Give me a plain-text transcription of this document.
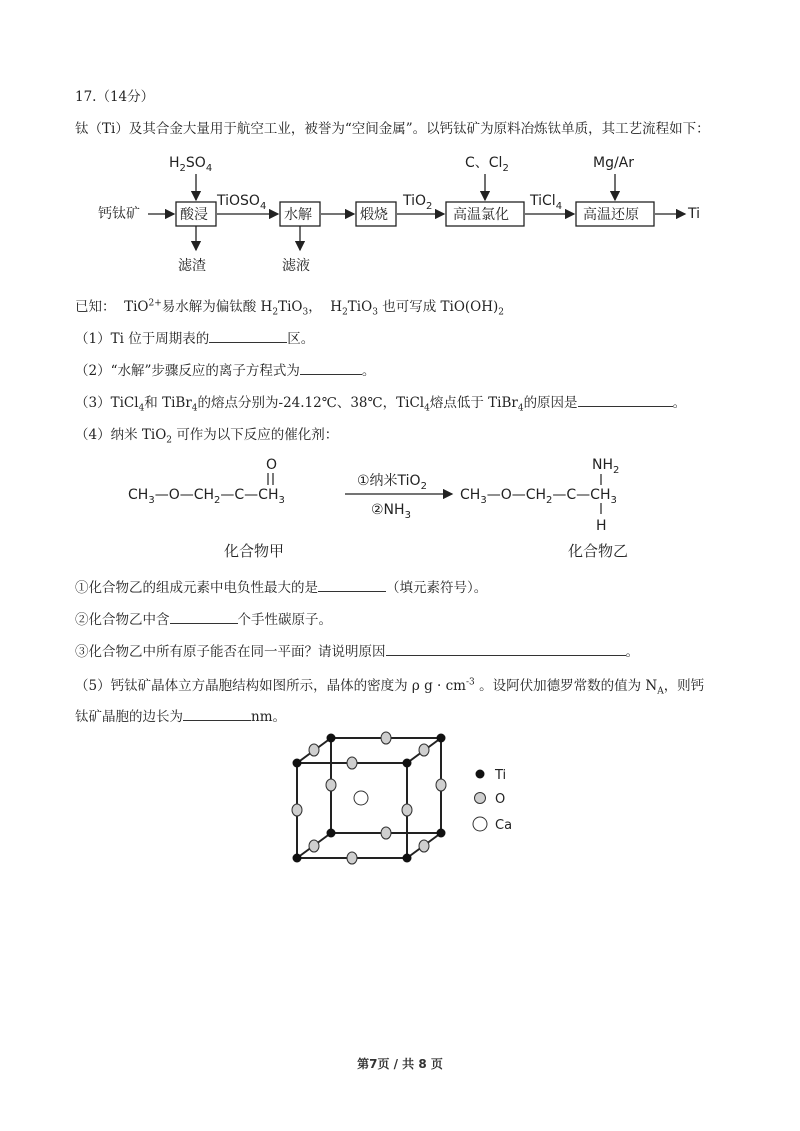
17.（14分）
钛（Ti）及其合金大量用于航空工业，被誉为“空间金属”。以钙钛矿为原料冶炼钛单质，其工艺流程如下：
钙钛矿	酸浸
$H_2SO_4$
滤渣
TiOSO$_4$
水解
滤液
煅烧
TiO$_2$
高温氯化
C、$Cl_2$
TiCl$_4$
高温还原
Mg/Ar
Ti
已知：  TiO$^{2+}$易水解为偏钛酸 $H_2TiO_3$，  $H_2TiO_3$ 也可写成 $TiO(OH)_2$
（1）Ti 位于周期表的	区。
（2）“水解”步骤反应的离子方程式为	。
（3）TiCl$_4$和 TiBr$_4$的熔点分别为-24.12℃、38℃，TiCl$_4$熔点低于 TiBr$_4$的原因是	。
（4）纳米 TiO$_2$ 可作为以下反应的催化剂：
$CH_3—O—CH_2—C—CH_3$
O
①纳米TiO$_2$
$②NH_3$
$CH_3—O—CH_2—C—CH_3$
$NH_2$
H
化合物甲	化合物乙
①化合物乙的组成元素中电负性最大的是	（填元素符号）。
②化合物乙中含	个手性碳原子。
③化合物乙中所有原子能否在同一平面？请说明原因	。
（5）钙钛矿晶体立方晶胞结构如图所示，晶体的密度为 ρ $g \cdot cm^{-3}$ 。设阿伏加德罗常数的值为 $N_A$，则钙
钛矿晶胞的边长为	nm。
Ti
O
Ca
第7页 / 共 8 页
